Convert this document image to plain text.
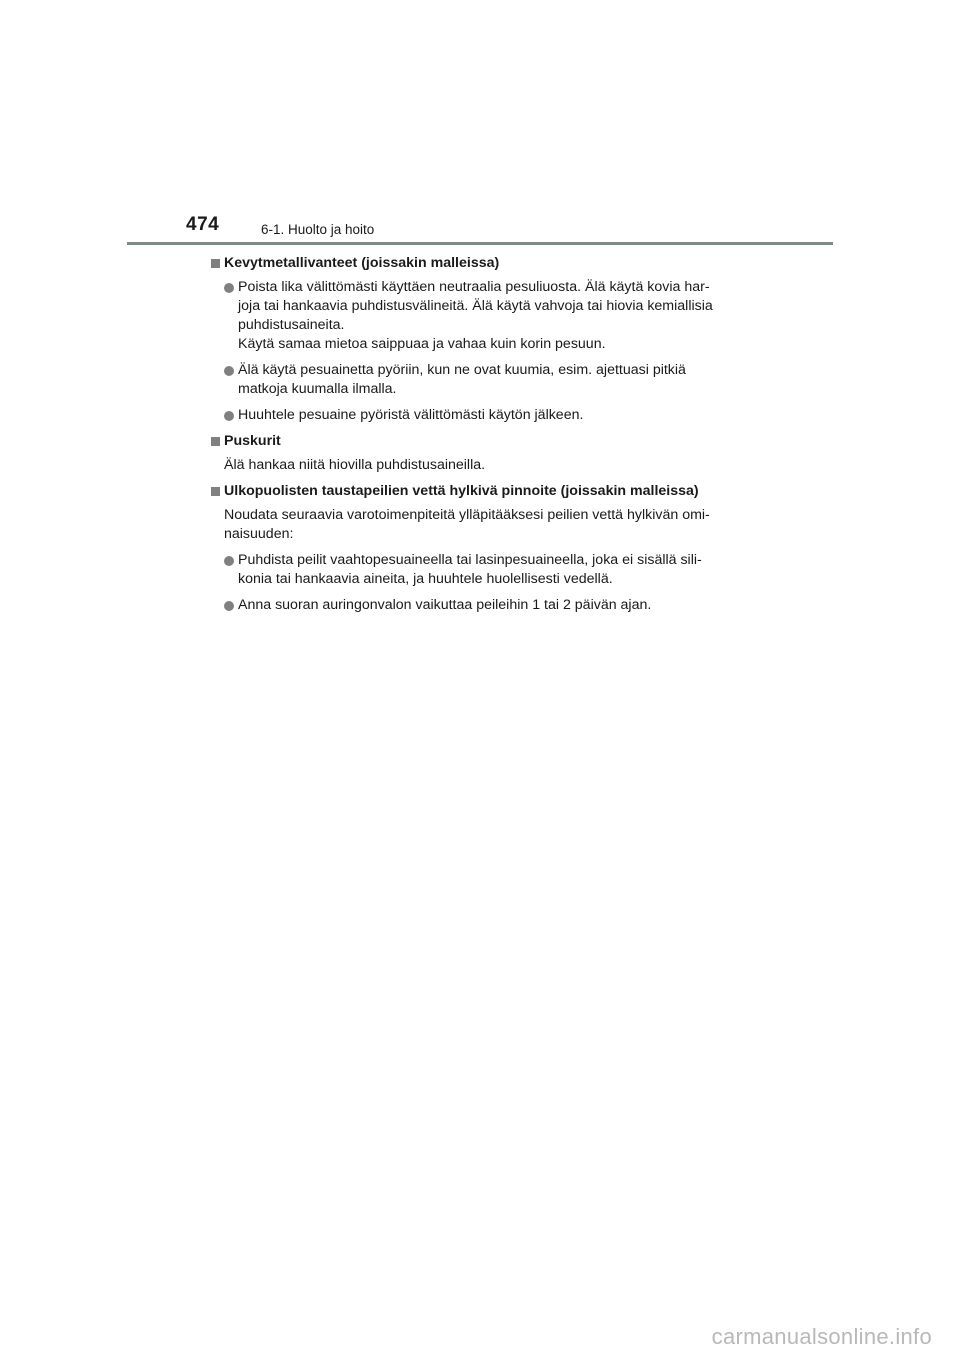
474	6-1. Huolto ja hoito
Kevytmetallivanteet (joissakin malleissa)
Poista lika välittömästi käyttäen neutraalia pesuliuosta. Älä käytä kovia har-
joja tai hankaavia puhdistusvälineitä. Älä käytä vahvoja tai hiovia kemiallisia
puhdistusaineita.
Käytä samaa mietoa saippuaa ja vahaa kuin korin pesuun.
Älä käytä pesuainetta pyöriin, kun ne ovat kuumia, esim. ajettuasi pitkiä
matkoja kuumalla ilmalla.
Huuhtele pesuaine pyöristä välittömästi käytön jälkeen.
Puskurit
Älä hankaa niitä hiovilla puhdistusaineilla.
Ulkopuolisten taustapeilien vettä hylkivä pinnoite (joissakin malleissa)
Noudata seuraavia varotoimenpiteitä ylläpitääksesi peilien vettä hylkivän omi-
naisuuden:
Puhdista peilit vaahtopesuaineella tai lasinpesuaineella, joka ei sisällä sili-
konia tai hankaavia aineita, ja huuhtele huolellisesti vedellä.
Anna suoran auringonvalon vaikuttaa peileihin 1 tai 2 päivän ajan.
carmanualsonline.info
